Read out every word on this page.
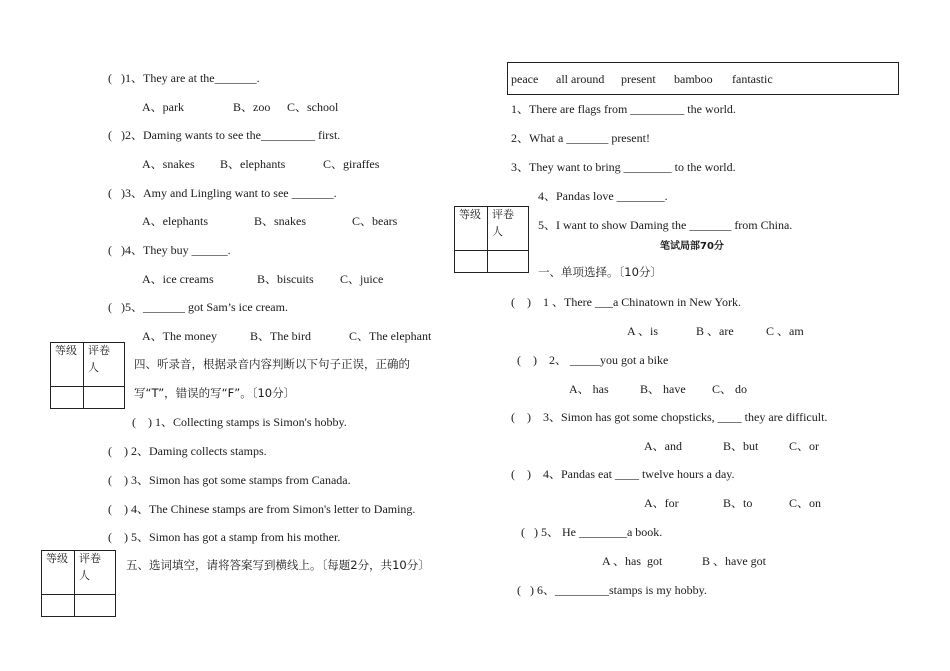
(   )1、They are at the_______.
A、park	B、zoo C、school
(   )2、Daming wants to see the_________ first.
A、snakes B、elephants	C、giraffes
(   )3、Amy and Lingling want to see _______.
A、elephants	B、snakes	C、bears
(   )4、They buy ______.
A、ice creams	B、biscuits C、juice
(   )5、_______ got Sam’s ice cream.
A、The money	B、The bird	C、The elephant
等级	评卷
人

		四、听录音，根据录音内容判断以下句子正误，正确的
写“T”，错误的写“F”。〔10分〕
(    ) 1、Collecting stamps is Simon's hobby.
(    ) 2、Daming collects stamps.
(    ) 3、Simon has got some stamps from Canada.
(    ) 4、The Chinese stamps are from Simon's letter to Daming.
(    ) 5、Simon has got a stamp from his mother.
等级	评卷
人

五、选词填空，请将答案写到横线上。〔每题2分，共10分〕
peace all around present bamboo fantastic
1、There are flags from _________ the world.
2、What a _______ present!
3、They want to bring ________ to the world.
4、Pandas love ________.
5、I want to show Daming the _______ from China.
等级	评卷
人

笔试局部70分
一、单项选择。〔10分〕
(    )    1 、There ___a Chinatown in New York.
A 、is	B 、are	C 、am
(    )    2、 _____you got a bike
A、 has	B、 have C、 do
(    )    3、Simon has got some chopsticks, ____ they are difficult.
A、and	B、but	C、or
(    )    4、Pandas eat ____ twelve hours a day.
A、for	B、to	C、on
(   ) 5、 He ________a book.
A 、has  got	B 、have got
(   ) 6、_________stamps is my hobby.
